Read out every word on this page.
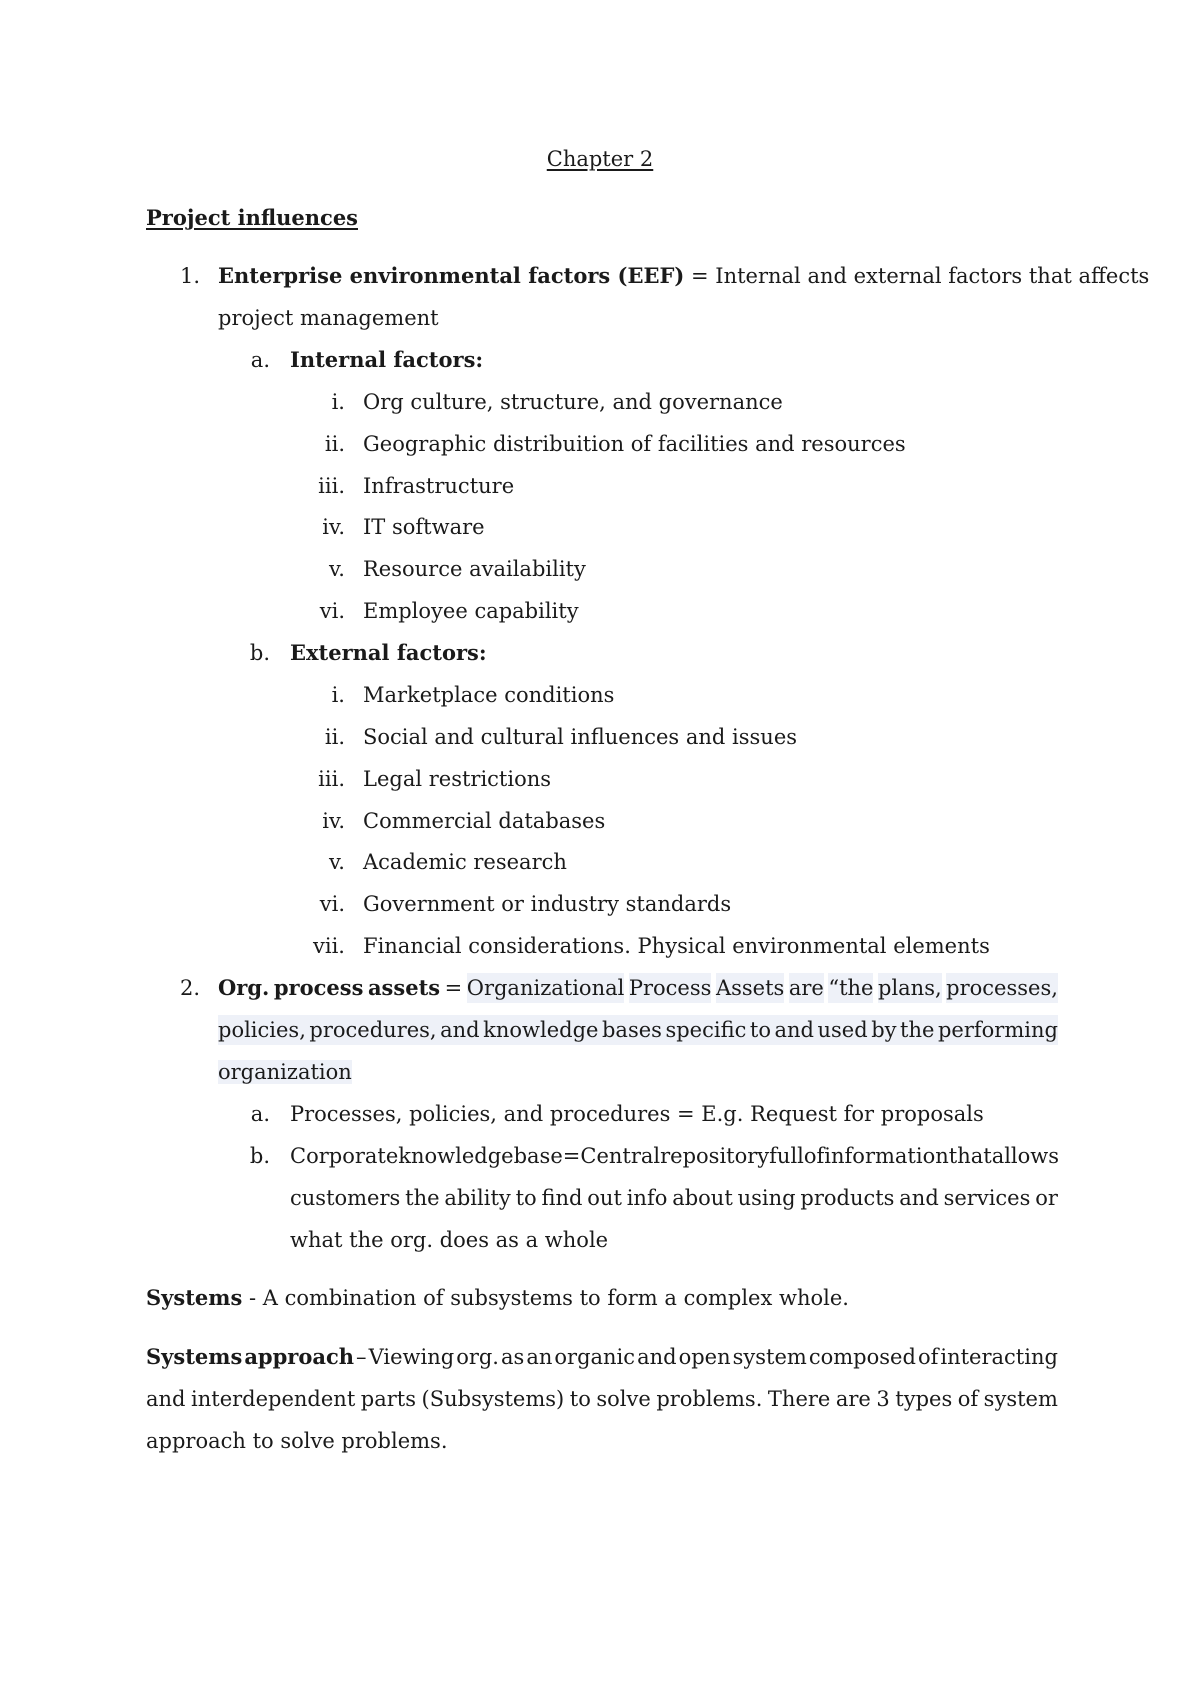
Chapter 2
Project influences
1. Enterprise environmental factors (EEF) = Internal and external factors that affects
project management
a. Internal factors:
i. Org culture, structure, and governance
ii. Geographic distribuition of facilities and resources
iii. Infrastructure
iv. IT software
v. Resource availability
vi. Employee capability
b. External factors:
i. Marketplace conditions
ii. Social and cultural influences and issues
iii. Legal restrictions
iv. Commercial databases
v. Academic research
vi. Government or industry standards
vii. Financial considerations. Physical environmental elements
2. Org. process assets = Organizational Process Assets are “the plans, processes,
policies, procedures, and knowledge bases specific to and used by the performing
organization
a. Processes, policies, and procedures = E.g. Request for proposals
b. Corporate knowledge base = Central repository full of information that allows
customers the ability to find out info about using products and services or
what the org. does as a whole
Systems - A combination of subsystems to form a complex whole.
Systems approach – Viewing org. as an organic and open system composed of interacting
and interdependent parts (Subsystems) to solve problems. There are 3 types of system
approach to solve problems.
